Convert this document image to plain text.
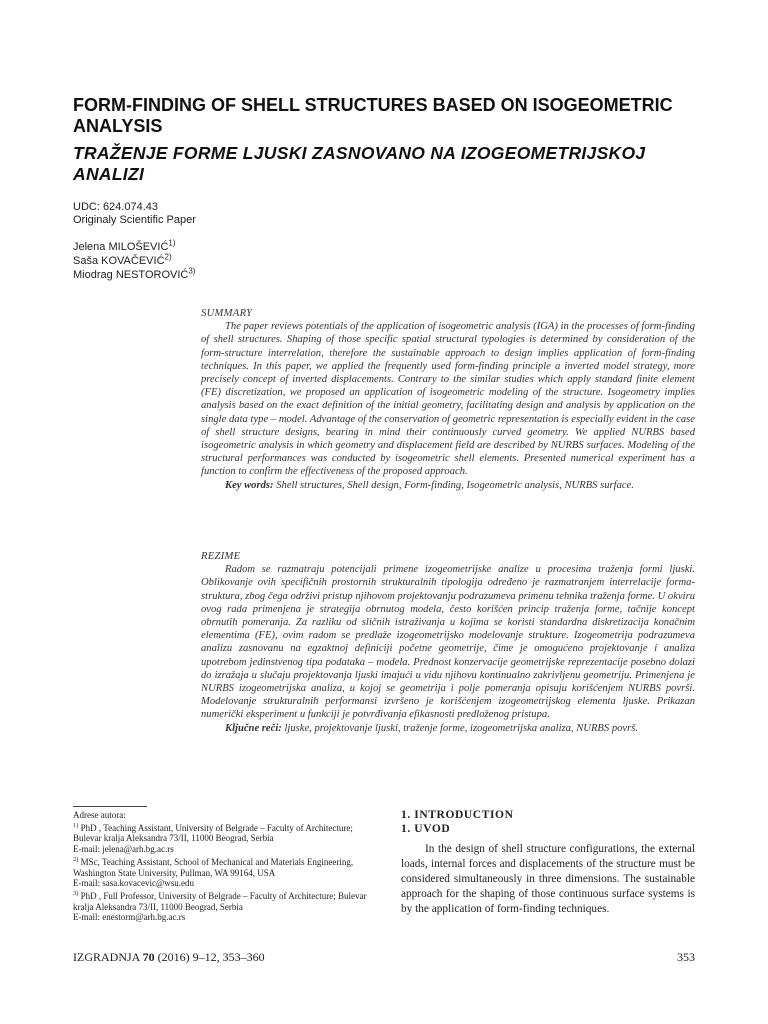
FORM-FINDING OF SHELL STRUCTURES BASED ON ISOGEOMETRIC ANALYSIS
TRAŽENJE FORME LJUSKI ZASNOVANO NA IZOGEOMETRIJSKOJ ANALIZI
UDC: 624.074.43
Originaly Scientific Paper
Jelena MILOŠEVIĆ$^{1)}$
Saša KOVAČEVIĆ$^{2)}$
Miodrag NESTOROVIĆ$^{3)}$
SUMMARY

The paper reviews potentials of the application of isogeometric analysis (IGA) in the processes of form-finding of shell structures. Shaping of those specific spatial structural typologies is determined by consideration of the form-structure interrelation, therefore the sustainable approach to design implies application of form-finding techniques. In this paper, we applied the frequently used form-finding principle a inverted model strategy, more precisely concept of inverted displacements. Contrary to the similar studies which apply standard finite element (FE) discretization, we proposed an application of isogeometric modeling of the structure. Isogeometry implies analysis based on the exact definition of the initial geometry, facilitating design and analysis by application on the single data type – model. Advantage of the conservation of geometric representation is especially evident in the case of shell structure designs, bearing in mind their continuously curved geometry. We applied NURBS based isogeometric analysis in which geometry and displacement field are described by NURBS surfaces. Modeling of the structural performances was conducted by isogeometric shell elements. Presented numerical experiment has a function to confirm the effectiveness of the proposed approach.

Key words: Shell structures, Shell design, Form-finding, Isogeometric analysis, NURBS surface.

REZIME

Radom se razmatraju potencijali primene izogeometrijske analize u procesima traženja formi ljuski. Oblikovanje ovih specifičnih prostornih strukturalnih tipologija određeno je razmatranjem interrelacije forma-struktura, zbog čega održivi pristup njihovom projektovanju podrazumeva primenu tehnika traženja forme. U okviru ovog rada primenjena je strategija obrnutog modela, često korišćen princip traženja forme, tačnije koncept obrnutih pomeranja. Za razliku od sličnih istraživanja u kojima se koristi standardna diskretizacija konačnim elementima (FE), ovim radom se predlaže izogeometrijsko modelovanje strukture. Izogeometrija podrazumeva analizu zasnovanu na egzaktnoj definiciji početne geometrije, čime je omogućeno projektovanje i analiza upotrebom jedinstvenog tipa podataka – modela. Prednost konzervacije geometrijske reprezentacije posebno dolazi do izražaja u slučaju projektovanja ljuski imajući u vidu njihovu kontinualno zakrivljenu geometriju. Primenjena je NURBS izogeometrijska analiza, u kojoj se geometrija i polje pomeranja opisuju korišćenjem NURBS površi. Modelovanje strukturalnih performansi izvršeno je korišćenjem izogeometrijskog elementa ljuske. Prikazan numerički eksperiment u funkciji je potvrđivanja efikasnosti predloženog pristupa.

Ključne reči: ljuske, projektovanje ljuski, traženje forme, izogeometrijska analiza, NURBS površ.

Adrese autora:
$^{1)}$ PhD , Teaching Assistant, University of Belgrade – Faculty of Architecture; Bulevar kralja Aleksandra 73/II, 11000 Beograd, Serbia
E-mail: jelena@arh.bg.ac.rs
$^{2)}$ MSc, Teaching Assistant, School of Mechanical and Materials Engineering, Washington State University, Pullman, WA 99164, USA
E-mail: sasa.kovacevic@wsu.edu
$^{3)}$ PhD , Full Professor, University of Belgrade – Faculty of Architecture; Bulevar kralja Aleksandra 73/II, 11000 Beograd, Serbia
E-mail: enestorm@arh.bg.ac.rs
1. INTRODUCTION
1. UVOD

In the design of shell structure configurations, the external loads, internal forces and displacements of the structure must be considered simultaneously in three dimensions. The sustainable approach for the shaping of those continuous surface systems is by the application of form-finding techniques.

IZGRADNJA 70 (2016) 9–12, 353–360	353
